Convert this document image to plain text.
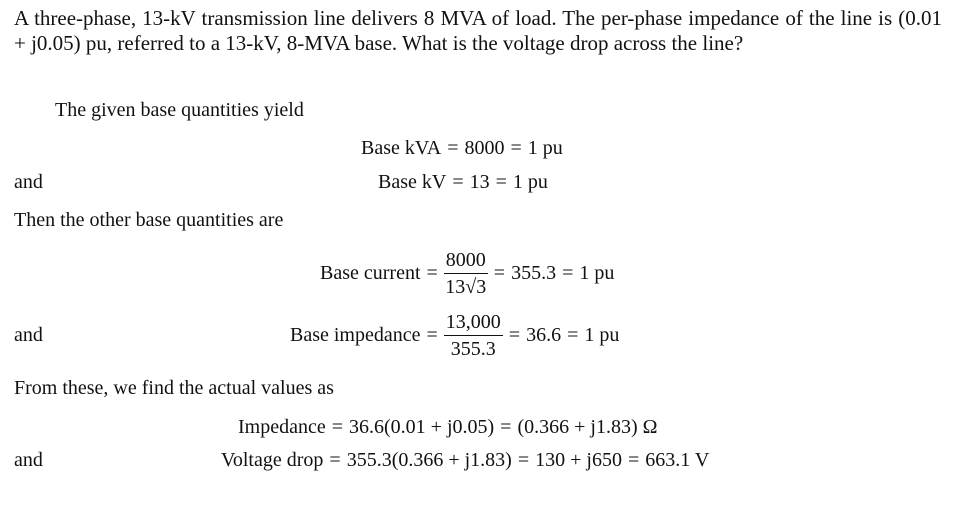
A three-phase, 13-kV transmission line delivers 8 MVA of load. The per-phase impedance of the line is (0.01 + j0.05) pu, referred to a 13-kV, 8-MVA base. What is the voltage drop across the line?
The given base quantities yield
Base kVA = 8000 = 1 pu
and	Base kV = 13 = 1 pu
Then the other base quantities are
Base current = $\frac{8000}{13√3} = 355.3 = 1$ pu
and	Base impedance = $\frac{13,000}{355.3} = 36.6 = 1$ pu
From these, we find the actual values as
Impedance = 36.6(0.01 + j0.05) = (0.366 + j1.83) Ω
and	Voltage drop = 355.3(0.366 + j1.83) = 130 + j650 = 663.1 V
